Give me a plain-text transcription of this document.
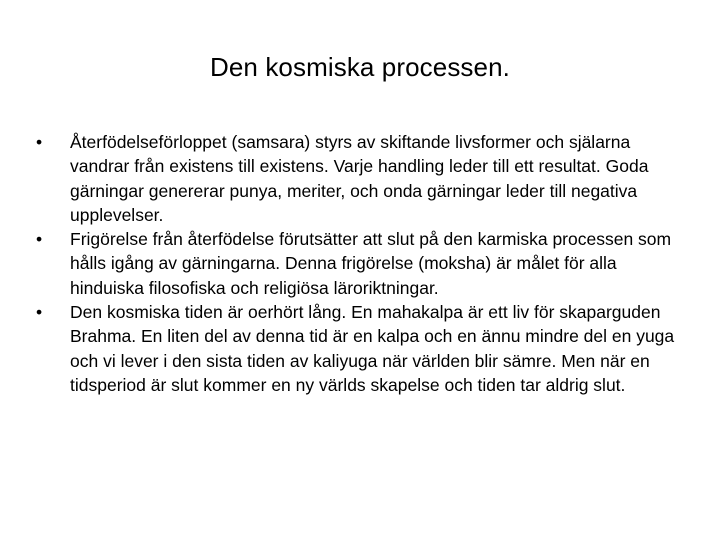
Den kosmiska processen.
•	Återfödelseförloppet (samsara) styrs av skiftande livsformer och själarna vandrar från existens till existens. Varje handling leder till ett resultat. Goda gärningar genererar punya, meriter, och onda gärningar leder till negativa upplevelser.
•	Frigörelse från återfödelse förutsätter att slut på den karmiska processen som hålls igång av gärningarna. Denna frigörelse (moksha) är målet för alla hinduiska filosofiska och religiösa läroriktningar.
•	Den kosmiska tiden är oerhört lång. En mahakalpa är ett liv för skaparguden Brahma. En liten del av denna tid är en kalpa och en ännu mindre del en yuga och vi lever i den sista tiden av kaliyuga när världen blir sämre. Men när en tidsperiod är slut kommer en ny världs skapelse och tiden tar aldrig slut.
